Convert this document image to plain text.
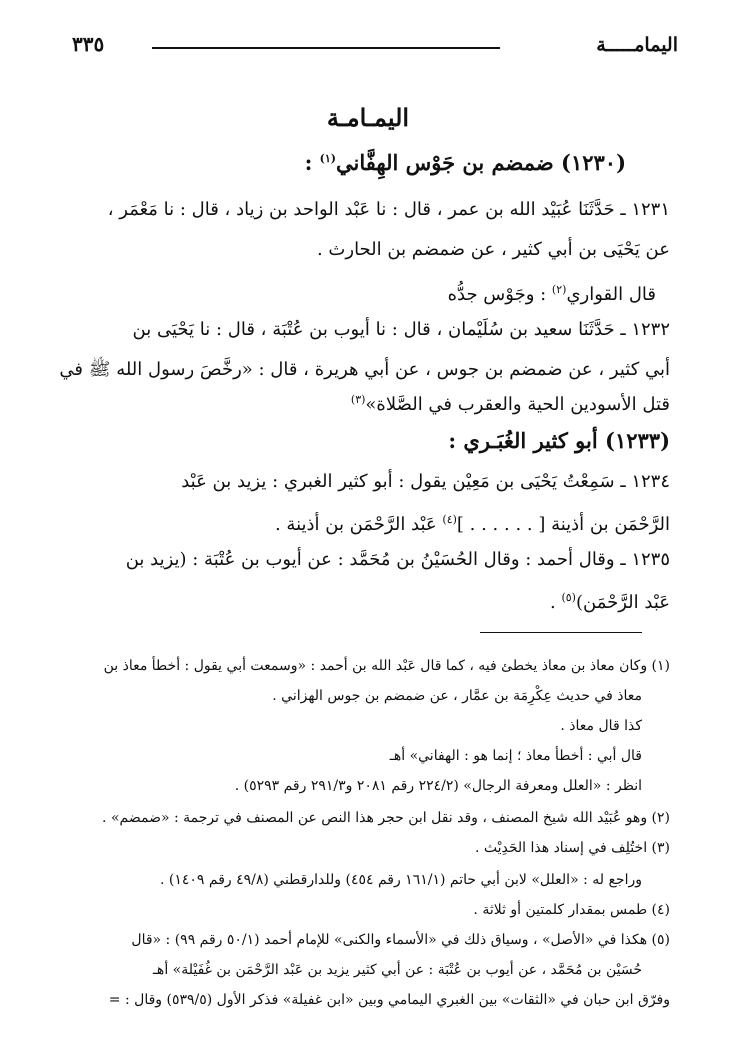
اليمامـــــة
٣٣٥
اليمـامـة
(١٢٣٠) ضمضم بن جَوْس الهِفَّاني$^{(١)}$ :
١٢٣١ ـ حَدَّثَنَا عُبَيْد الله بن عمر ، قال : نا عَبْد الواحد بن زياد ، قال : نا مَعْمَر ،
عن يَحْيَى بن أبي كثير ، عن ضمضم بن الحارث .
قال القواري$^{(٢)}$ : وجَوْس جدُّه
١٢٣٢ ـ حَدَّثَنَا سعيد بن سُلَيْمان ، قال : نا أيوب بن عُتْبَة ، قال : نا يَحْيَى بن
أبي كثير ، عن ضمضم بن جوس ، عن أبي هريرة ، قال : «رخَّصَ رسول الله ﷺ في
قتل الأسودين الحية والعقرب في الصَّلاة»$^{(٣)}$
(١٢٣٣) أبو كثير الغُبَـري :
١٢٣٤ ـ سَمِعْتُ يَحْيَى بن مَعِيْن يقول : أبو كثير الغبري : يزيد بن عَبْد
الرَّحْمَن بن أذينة [ . . . . . . ]$^{(٤)}$ عَبْد الرَّحْمَن بن أذينة .
١٢٣٥ ـ وقال أحمد : وقال الحُسَيْنُ بن مُحَمَّد : عن أيوب بن عُتْبَة : (يزيد بن
عَبْد الرَّحْمَن)$^{(٥)}$ .
(١) وكان معاذ بن معاذ يخطئ فيه ، كما قال عَبْد الله بن أحمد : «وسمعت أبي يقول : أخطأ معاذ بن
معاذ في حديث عِكْرِمَة بن عمَّار ، عن ضمضم بن جوس الهزاني .
كذا قال معاذ .
قال أبي : أخطأ معاذ ؛ إنما هو : الهفاني» أهـ
انظر : «العلل ومعرفة الرجال» (٢٢٤/٢ رقم ٢٠٨١ و٢٩١/٣ رقم ٥٢٩٣) .
(٢) وهو عُبَيْد الله شيخ المصنف ، وقد نقل ابن حجر هذا النص عن المصنف في ترجمة : «ضمضم» .
(٣) اختُلِف في إسناد هذا الحَدِيْث .
وراجع له : «العلل» لابن أبي حاتم (١٦١/١ رقم ٤٥٤) وللدارقطني (٤٩/٨ رقم ١٤٠٩) .
(٤) طمس بمقدار كلمتين أو ثلاثة .
(٥) هكذا في «الأصل» ، وسياق ذلك في «الأسماء والكنى» للإمام أحمد (٥٠/١ رقم ٩٩) : «قال
حُسَيْن بن مُحَمَّد ، عن أيوب بن عُتْبَة : عن أبي كثير يزيد بن عَبْد الرَّحْمَن بن غُفَيْلة» أهـ
وفرّق ابن حبان في «الثقات» بين الغبري اليمامي وبين «ابن غفيلة» فذكر الأول (٥٣٩/٥) وقال : =
